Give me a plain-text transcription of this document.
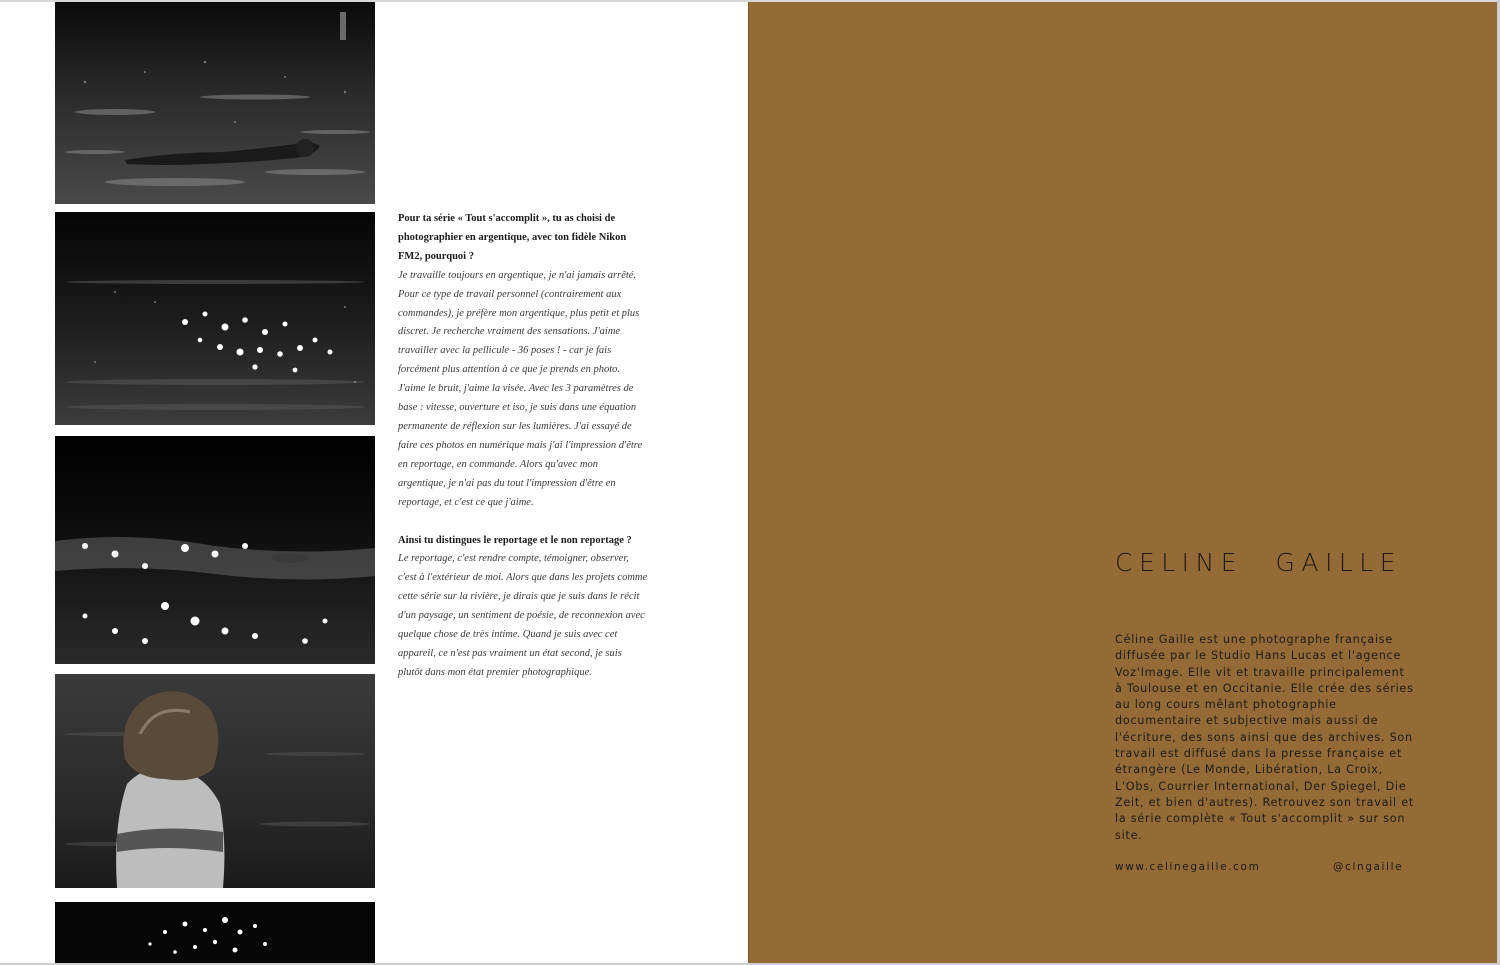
Pour ta série « Tout s'accomplit », tu as choisi de photographier en argentique, avec ton fidèle Nikon FM2, pourquoi ?

Je travaille toujours en argentique, je n'ai jamais arrêté. Pour ce type de travail personnel (contrairement aux commandes), je préfère mon argentique, plus petit et plus discret. Je recherche vraiment des sensations. J'aime travailler avec la pellicule - 36 poses ! - car je fais forcément plus attention à ce que je prends en photo. J'aime le bruit, j'aime la visée. Avec les 3 paramètres de base : vitesse, ouverture et iso, je suis dans une équation permanente de réflexion sur les lumières. J'ai essayé de faire ces photos en numérique mais j'ai l'impression d'être en reportage, en commande. Alors qu'avec mon argentique, je n'ai pas du tout l'impression d'être en reportage, et c'est ce que j'aime.

Ainsi tu distingues le reportage et le non reportage ?

Le reportage, c'est rendre compte, témoigner, observer, c'est à l'extérieur de moi. Alors que dans les projets comme cette série sur la rivière, je dirais que je suis dans le récit d'un paysage, un sentiment de poésie, de reconnexion avec quelque chose de très intime. Quand je suis avec cet appareil, ce n'est pas vraiment un état second, je suis plutôt dans mon état premier photographique.

CELINE GAILLE

Céline Gaille est une photographe française diffusée par le Studio Hans Lucas et l'agence Voz'Image. Elle vit et travaille principalement à Toulouse et en Occitanie. Elle crée des séries au long cours mêlant photographie documentaire et subjective mais aussi de l'écriture, des sons ainsi que des archives. Son travail est diffusé dans la presse française et étrangère (Le Monde, Libération, La Croix, L'Obs, Courrier International, Der Spiegel, Die Zeit, et bien d'autres). Retrouvez son travail et la série complète « Tout s'accomplit » sur son site.

www.celinegaille.com	@clngaille
